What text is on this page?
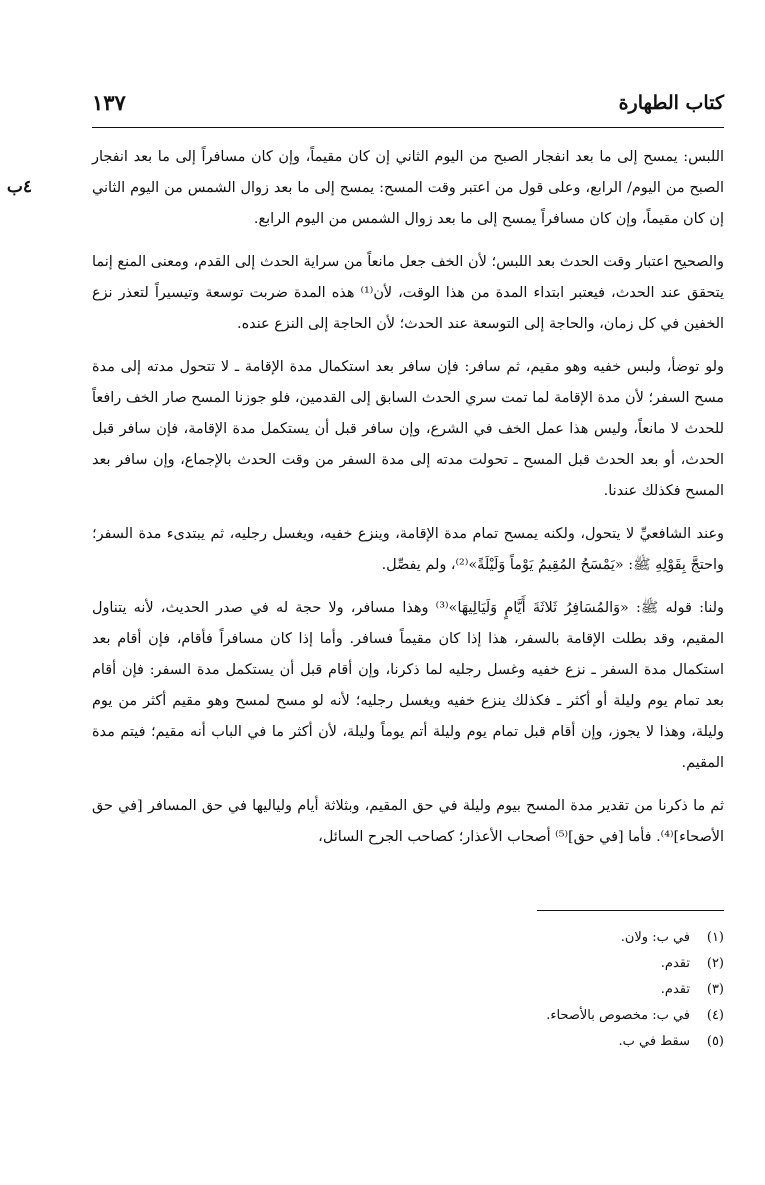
كتاب الطهارة
١٣٧
٤ب

اللبس: يمسح إلى ما بعد انفجار الصبح من اليوم الثاني إن كان مقيماً، وإن كان مسافراً إلى ما بعد انفجار الصبح من اليوم/ الرابع، وعلى قول من اعتبر وقت المسح: يمسح إلى ما بعد زوال الشمس من اليوم الثاني إن كان مقيماً، وإن كان مسافراً يمسح إلى ما بعد زوال الشمس من اليوم الرابع.

والصحيح اعتبار وقت الحدث بعد اللبس؛ لأن الخف جعل مانعاً من سراية الحدث إلى القدم، ومعنى المنع إنما يتحقق عند الحدث، فيعتبر ابتداء المدة من هذا الوقت، لأن⁽¹⁾ هذه المدة ضربت توسعة وتيسيراً لتعذر نزع الخفين في كل زمان، والحاجة إلى التوسعة عند الحدث؛ لأن الحاجة إلى النزع عنده.

ولو توضأ، ولبس خفيه وهو مقيم، ثم سافر: فإن سافر بعد استكمال مدة الإقامة ـ لا تتحول مدته إلى مدة مسح السفر؛ لأن مدة الإقامة لما تمت سري الحدث السابق إلى القدمين، فلو جوزنا المسح صار الخف رافعاً للحدث لا مانعاً، وليس هذا عمل الخف في الشرع، وإن سافر قبل أن يستكمل مدة الإقامة، فإن سافر قبل الحدث، أو بعد الحدث قبل المسح ـ تحولت مدته إلى مدة السفر من وقت الحدث بالإجماع، وإن سافر بعد المسح فكذلك عندنا.

وعند الشافعيِّ لا يتحول، ولكنه يمسح تمام مدة الإقامة، وينزع خفيه، ويغسل رجليه، ثم يبتدىء مدة السفر؛ واحتجَّ بِقَوْلِهِ ﷺ: «يَمْسَحُ المُقِيمُ يَوْماً وَلَيْلَةً»⁽²⁾، ولم يفصِّل.

ولنا: قوله ﷺ: «وَالمُسَافِرُ ثَلاثَةَ أَيَّامٍ وَلَيَالِيهَا»⁽³⁾ وهذا مسافر، ولا حجة له في صدر الحديث، لأنه يتناول المقيم، وقد بطلت الإقامة بالسفر، هذا إذا كان مقيماً فسافر. وأما إذا كان مسافراً فأقام، فإن أقام بعد استكمال مدة السفر ـ نزع خفيه وغسل رجليه لما ذكرنا، وإن أقام قبل أن يستكمل مدة السفر: فإن أقام بعد تمام يوم وليلة أو أكثر ـ فكذلك ينزع خفيه ويغسل رجليه؛ لأنه لو مسح لمسح وهو مقيم أكثر من يوم وليلة، وهذا لا يجوز، وإن أقام قبل تمام يوم وليلة أتم يوماً وليلة، لأن أكثر ما في الباب أنه مقيم؛ فيتم مدة المقيم.

ثم ما ذكرنا من تقدير مدة المسح بيوم وليلة في حق المقيم، وبثلاثة أيام ولياليها في حق المسافر [في حق الأصحاء]⁽⁴⁾. فأما [في حق]⁽⁵⁾ أصحاب الأعذار؛ كصاحب الجرح السائل،

(١)في ب: ولان.

(٢)تقدم.

(٣)تقدم.

(٤)في ب: مخصوص بالأصحاء.

(٥)سقط في ب.
